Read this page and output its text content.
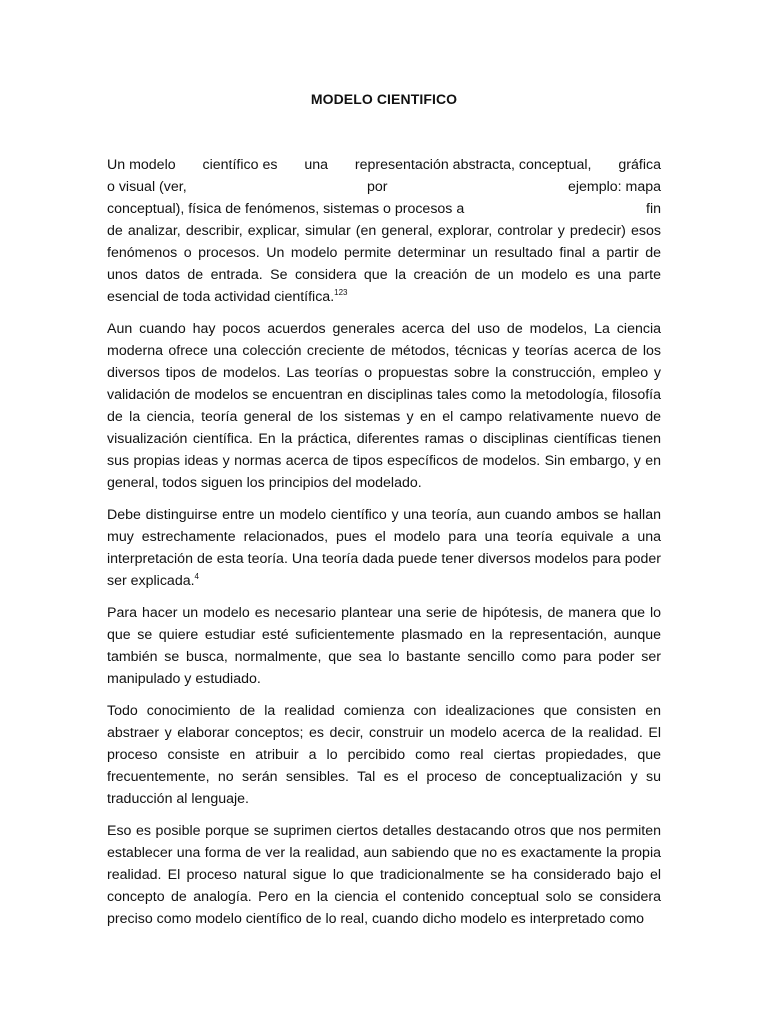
MODELO CIENTIFICO
Un modelo científico es una representación abstracta, conceptual, gráfica
o visual (ver,	por	ejemplo: mapa
conceptual), física de fenómenos, sistemas o procesos a	fin
de analizar, describir, explicar, simular (en general, explorar, controlar y predecir) esos fenómenos o procesos. Un modelo permite determinar un resultado final a partir de unos datos de entrada. Se considera que la creación de un modelo es una parte esencial de toda actividad científica.$^{123}$

Aun cuando hay pocos acuerdos generales acerca del uso de modelos, La ciencia moderna ofrece una colección creciente de métodos, técnicas y teorías acerca de los diversos tipos de modelos. Las teorías o propuestas sobre la construcción, empleo y validación de modelos se encuentran en disciplinas tales como la metodología, filosofía de la ciencia, teoría general de los sistemas y en el campo relativamente nuevo de visualización científica. En la práctica, diferentes ramas o disciplinas científicas tienen sus propias ideas y normas acerca de tipos específicos de modelos. Sin embargo, y en general, todos siguen los principios del modelado.

Debe distinguirse entre un modelo científico y una teoría, aun cuando ambos se hallan muy estrechamente relacionados, pues el modelo para una teoría equivale a una interpretación de esta teoría. Una teoría dada puede tener diversos modelos para poder ser explicada.$^4$

Para hacer un modelo es necesario plantear una serie de hipótesis, de manera que lo que se quiere estudiar esté suficientemente plasmado en la representación, aunque también se busca, normalmente, que sea lo bastante sencillo como para poder ser manipulado y estudiado.

Todo conocimiento de la realidad comienza con idealizaciones que consisten en abstraer y elaborar conceptos; es decir, construir un modelo acerca de la realidad. El proceso consiste en atribuir a lo percibido como real ciertas propiedades, que frecuentemente, no serán sensibles. Tal es el proceso de conceptualización y su traducción al lenguaje.

Eso es posible porque se suprimen ciertos detalles destacando otros que nos permiten establecer una forma de ver la realidad, aun sabiendo que no es exactamente la propia realidad. El proceso natural sigue lo que tradicionalmente se ha considerado bajo el concepto de analogía. Pero en la ciencia el contenido conceptual solo se considera preciso como modelo científico de lo real, cuando dicho modelo es interpretado como
